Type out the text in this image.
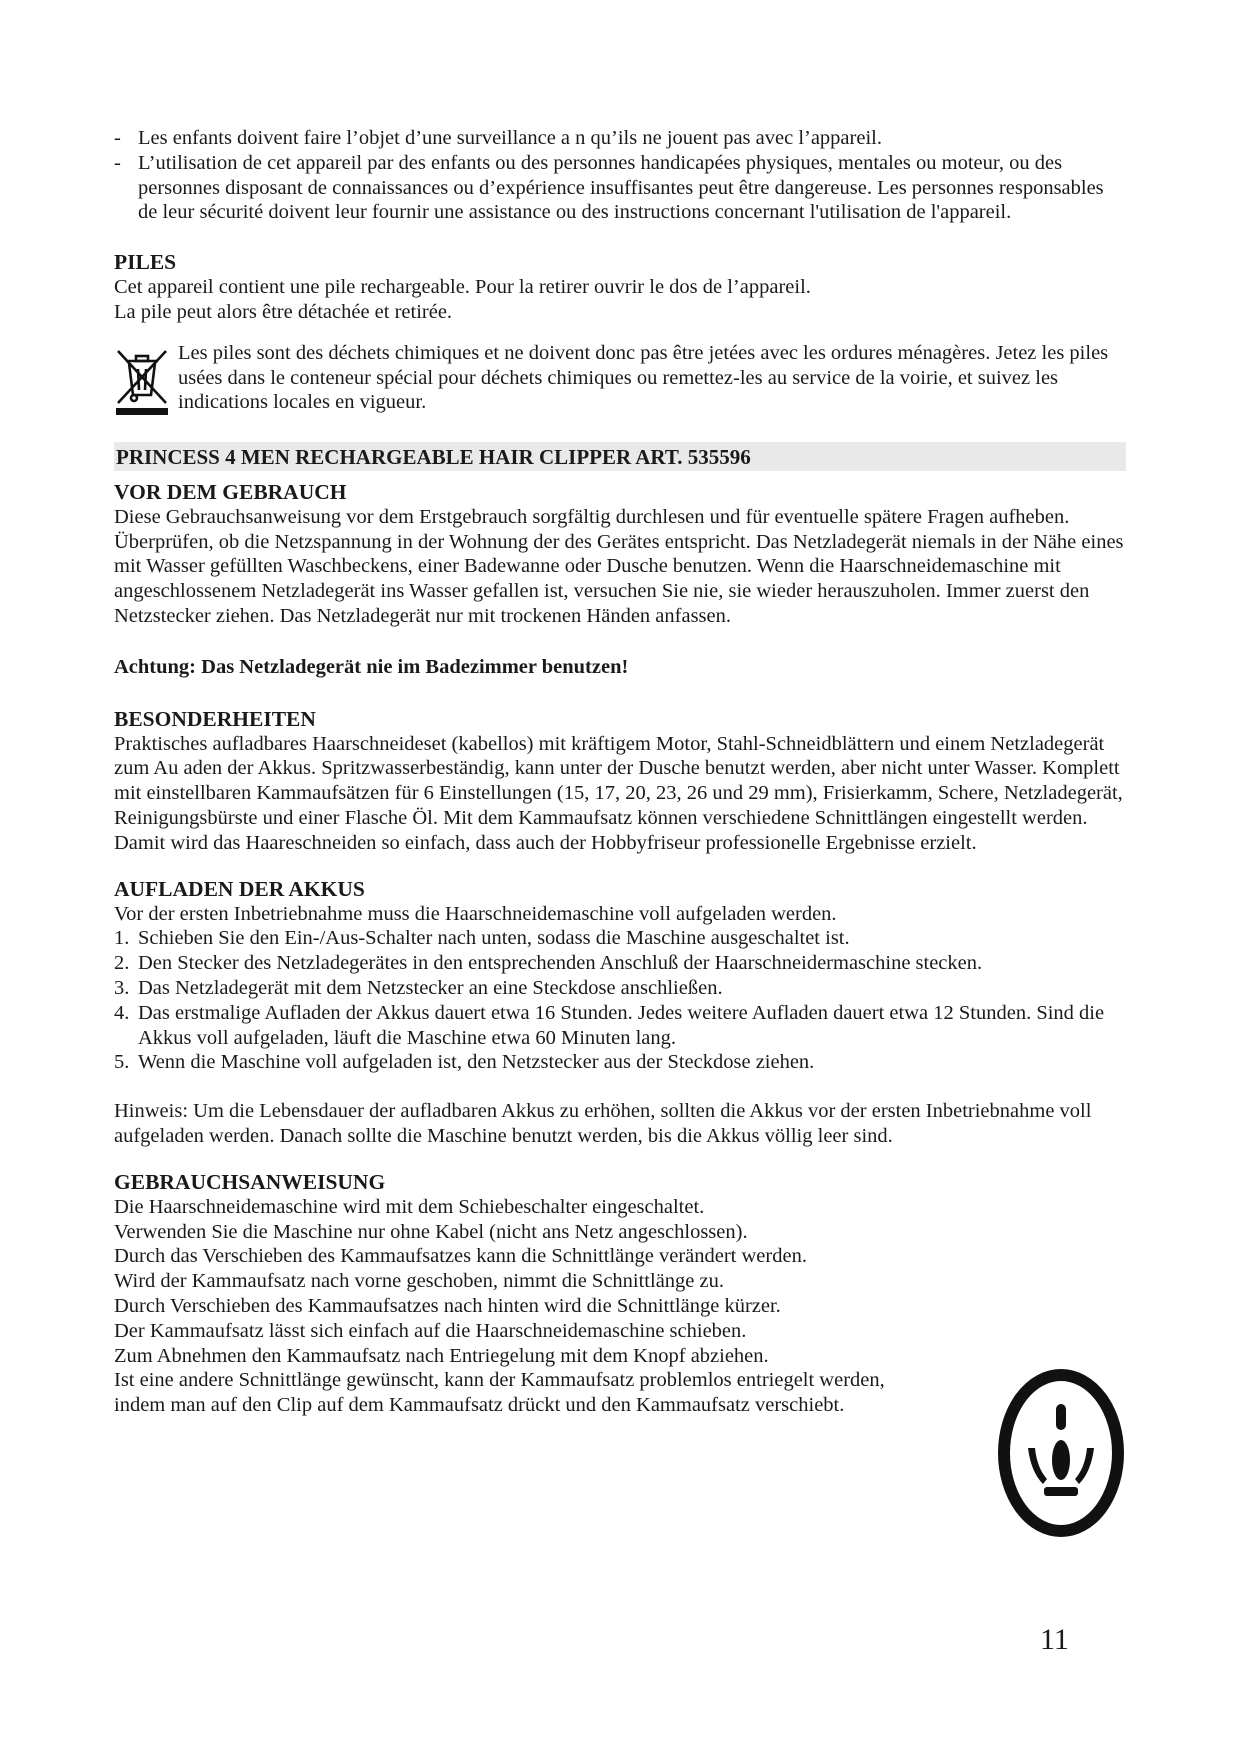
- Les enfants doivent faire l’objet d’une surveillance a n qu’ils ne jouent pas avec l’appareil.

- L’utilisation de cet appareil par des enfants ou des personnes handicapées physiques, mentales ou moteur, ou des personnes disposant de connaissances ou d’expérience insuffisantes peut être dangereuse. Les personnes responsables de leur sécurité doivent leur fournir une assistance ou des instructions concernant l'utilisation de l'appareil.

PILES

Cet appareil contient une pile rechargeable. Pour la retirer ouvrir le dos de l’appareil.

La pile peut alors être détachée et retirée.

Les piles sont des déchets chimiques et ne doivent donc pas être jetées avec les ordures ménagères. Jetez les piles usées dans le conteneur spécial pour déchets chimiques ou remettez-les au service de la voirie, et suivez les indications locales en vigueur.

PRINCESS 4 MEN RECHARGEABLE HAIR CLIPPER ART. 535596
VOR DEM GEBRAUCH

Diese Gebrauchsanweisung vor dem Erstgebrauch sorgfältig durchlesen und für eventuelle spätere Fragen aufheben. Überprüfen, ob die Netzspannung in der Wohnung der des Gerätes entspricht. Das Netzladegerät niemals in der Nähe eines mit Wasser gefüllten Waschbeckens, einer Badewanne oder Dusche benutzen. Wenn die Haarschneidemaschine mit angeschlossenem Netzladegerät ins Wasser gefallen ist, versuchen Sie nie, sie wieder herauszuholen. Immer zuerst den Netzstecker ziehen. Das Netzladegerät nur mit trockenen Händen anfassen.

Achtung: Das Netzladegerät nie im Badezimmer benutzen!

BESONDERHEITEN

Praktisches aufladbares Haarschneideset (kabellos) mit kräftigem Motor, Stahl-Schneidblättern und einem Netzladegerät zum Au aden der Akkus. Spritzwasserbeständig, kann unter der Dusche benutzt werden, aber nicht unter Wasser. Komplett mit einstellbaren Kammaufsätzen für 6 Einstellungen (15, 17, 20, 23, 26 und 29 mm), Frisierkamm, Schere, Netzladegerät, Reinigungsbürste und einer Flasche Öl. Mit dem Kammaufsatz können verschiedene Schnittlängen eingestellt werden. Damit wird das Haareschneiden so einfach, dass auch der Hobbyfriseur professionelle Ergebnisse erzielt.

AUFLADEN DER AKKUS

Vor der ersten Inbetriebnahme muss die Haarschneidemaschine voll aufgeladen werden.

1. Schieben Sie den Ein-/Aus-Schalter nach unten, sodass die Maschine ausgeschaltet ist.

2. Den Stecker des Netzladegerätes in den entsprechenden Anschluß der Haarschneidermaschine stecken.

3. Das Netzladegerät mit dem Netzstecker an eine Steckdose anschließen.

4. Das erstmalige Aufladen der Akkus dauert etwa 16 Stunden. Jedes weitere Aufladen dauert etwa 12 Stunden. Sind die Akkus voll aufgeladen, läuft die Maschine etwa 60 Minuten lang.

5. Wenn die Maschine voll aufgeladen ist, den Netzstecker aus der Steckdose ziehen.

Hinweis: Um die Lebensdauer der aufladbaren Akkus zu erhöhen, sollten die Akkus vor der ersten Inbetriebnahme voll aufgeladen werden. Danach sollte die Maschine benutzt werden, bis die Akkus völlig leer sind.

GEBRAUCHSANWEISUNG

Die Haarschneidemaschine wird mit dem Schiebeschalter eingeschaltet.

Verwenden Sie die Maschine nur ohne Kabel (nicht ans Netz angeschlossen).

Durch das Verschieben des Kammaufsatzes kann die Schnittlänge verändert werden.

Wird der Kammaufsatz nach vorne geschoben, nimmt die Schnittlänge zu.

Durch Verschieben des Kammaufsatzes nach hinten wird die Schnittlänge kürzer.

Der Kammaufsatz lässt sich einfach auf die Haarschneidemaschine schieben.

Zum Abnehmen den Kammaufsatz nach Entriegelung mit dem Knopf abziehen.

Ist eine andere Schnittlänge gewünscht, kann der Kammaufsatz problemlos entriegelt werden, indem man auf den Clip auf dem Kammaufsatz drückt und den Kammaufsatz verschiebt.

11
